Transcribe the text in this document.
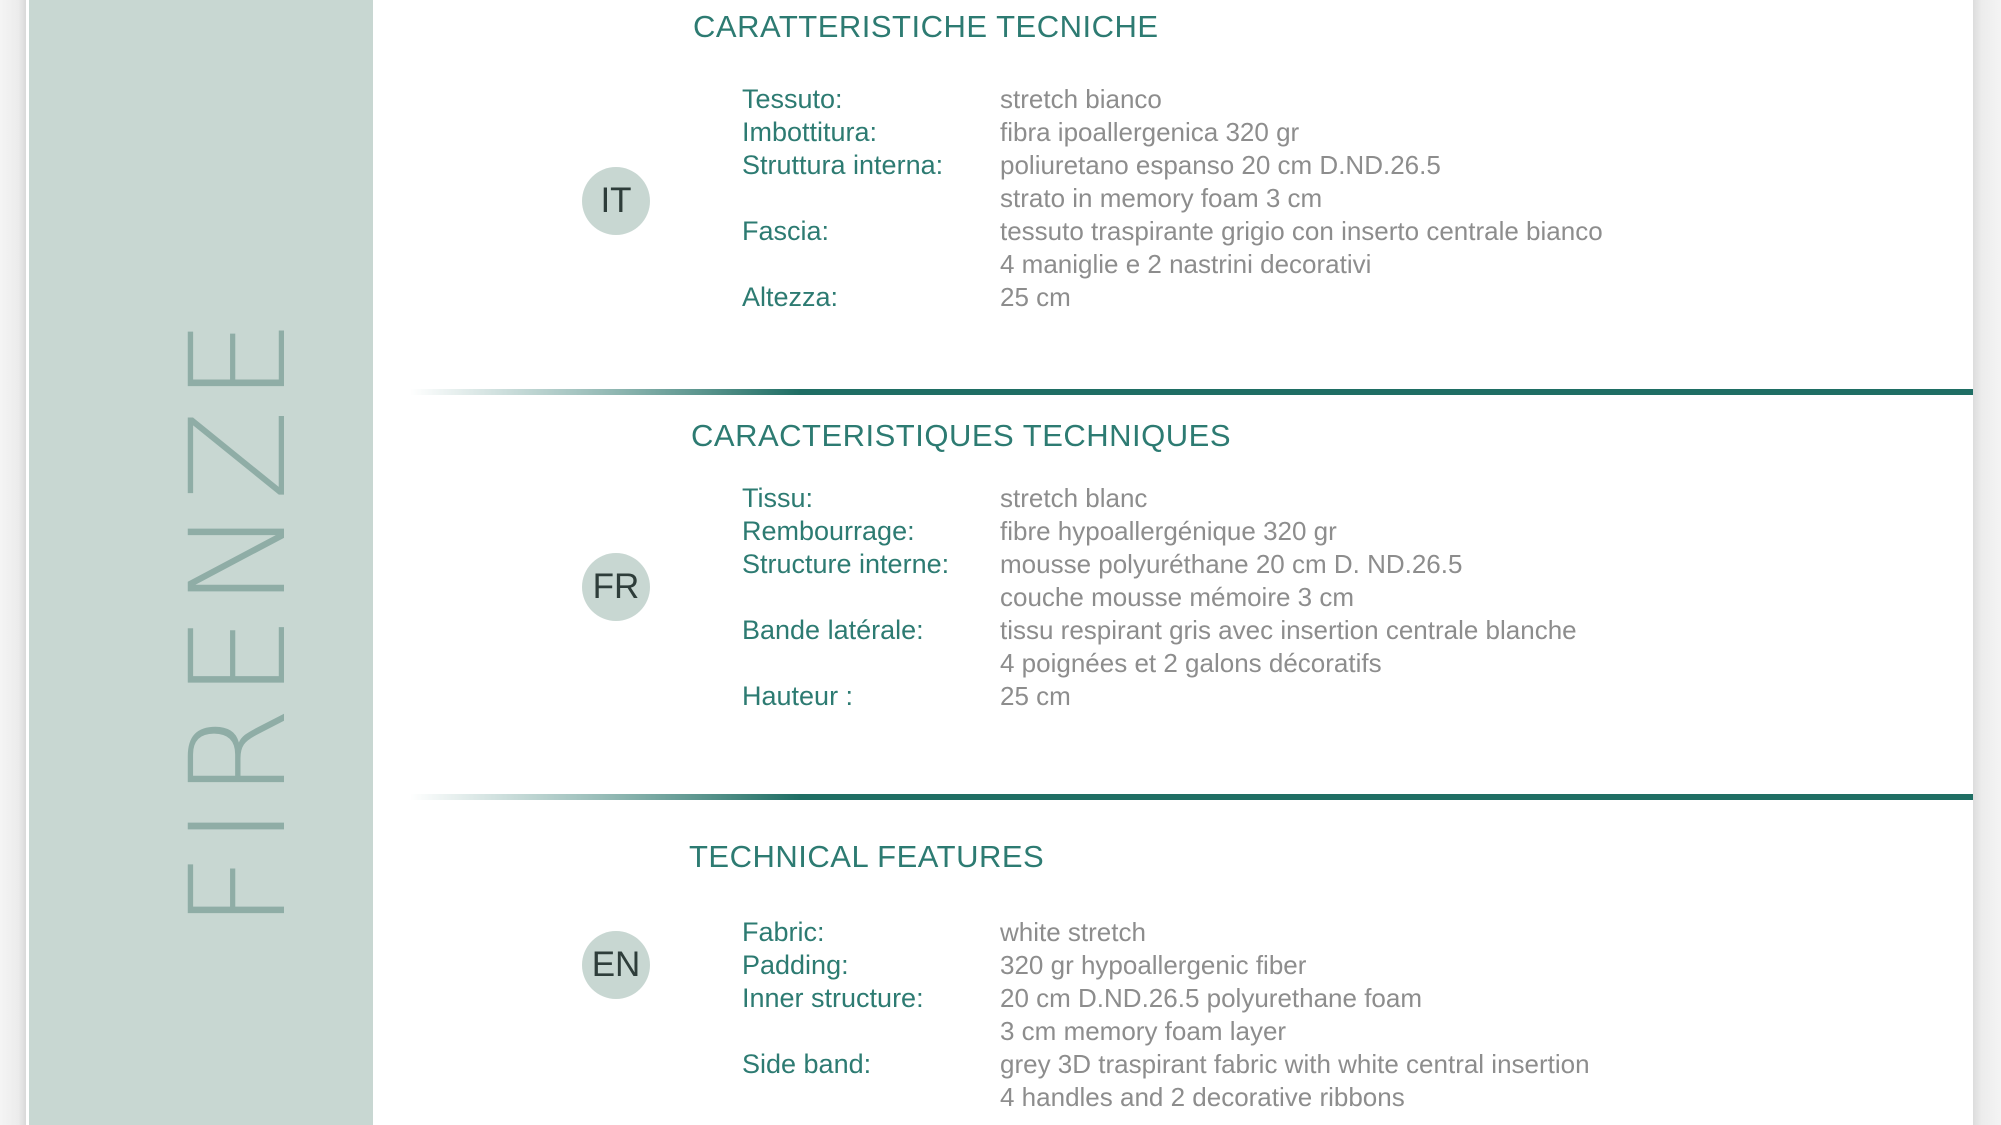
FIRENZE
CARATTERISTICHE TECNICHE
IT
Tessuto:	stretch bianco
Imbottitura:	fibra ipoallergenica 320 gr
Struttura interna:	poliuretano espanso 20 cm D.ND.26.5
strato in memory foam 3 cm
Fascia:	tessuto traspirante grigio con inserto centrale bianco
4 maniglie e 2 nastrini decorativi
Altezza:	25 cm
CARACTERISTIQUES TECHNIQUES
FR
Tissu:	stretch blanc
Rembourrage:	fibre hypoallergénique 320 gr
Structure interne:	mousse polyuréthane 20 cm D. ND.26.5
couche mousse mémoire 3 cm
Bande latérale:	tissu respirant gris avec insertion centrale blanche
4 poignées et 2 galons décoratifs
Hauteur :	25 cm
TECHNICAL FEATURES
EN
Fabric:	white stretch
Padding:	320 gr hypoallergenic fiber
Inner structure:	20 cm D.ND.26.5 polyurethane foam
3 cm memory foam layer
Side band:	grey 3D traspirant fabric with white central insertion
4 handles and 2 decorative ribbons
